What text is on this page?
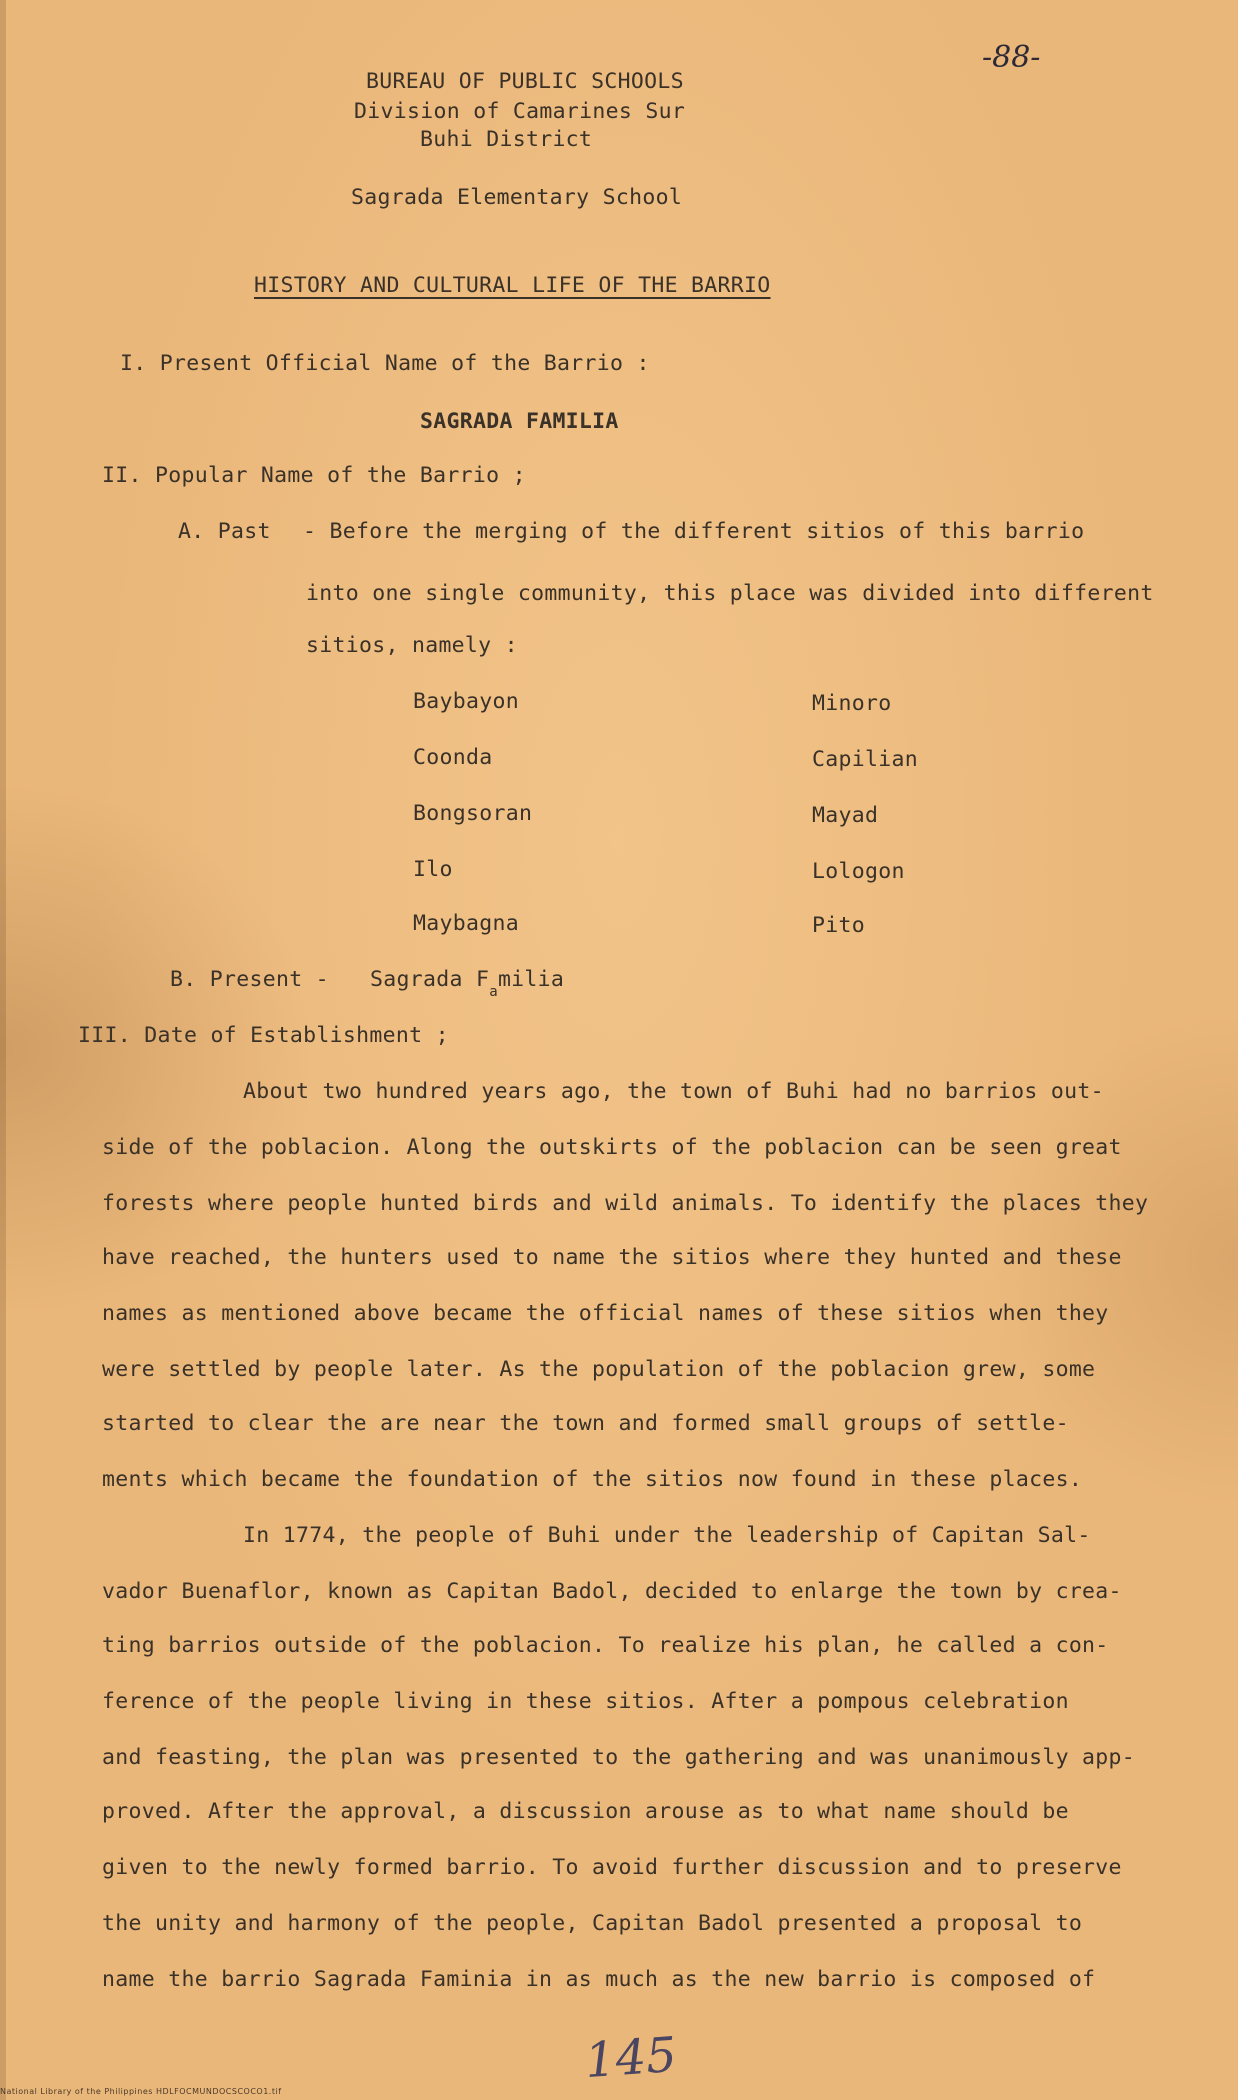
-88-
BUREAU OF PUBLIC SCHOOLS
Division of Camarines Sur
Buhi District
Sagrada Elementary School
HISTORY AND CULTURAL LIFE OF THE BARRIO
I. Present Official Name of the Barrio :
SAGRADA FAMILIA
II. Popular Name of the Barrio ;
A. Past - Before the merging of the different sitios of this barrio
into one single community, this place was divided into different
sitios, namely :
Baybayon
Coonda
Bongsoran
Ilo
Maybagna
Minoro
Capilian
Mayad
Lologon
Pito
B. Present - Sagrada $F_amilia$
III. Date of Establishment ;
About two hundred years ago, the town of Buhi had no barrios out-
side of the poblacion. Along the outskirts of the poblacion can be seen great
forests where people hunted birds and wild animals. To identify the places they
have reached, the hunters used to name the sitios where they hunted and these
names as mentioned above became the official names of these sitios when they
were settled by people later. As the population of the poblacion grew, some
started to clear the are near the town and formed small groups of settle-
ments which became the foundation of the sitios now found in these places.
In 1774, the people of Buhi under the leadership of Capitan Sal-
vador Buenaflor, known as Capitan Badol, decided to enlarge the town by crea-
ting barrios outside of the poblacion. To realize his plan, he called a con-
ference of the people living in these sitios. After a pompous celebration
and feasting, the plan was presented to the gathering and was unanimously app-
proved. After the approval, a discussion arouse as to what name should be
given to the newly formed barrio. To avoid further discussion and to preserve
the unity and harmony of the people, Capitan Badol presented a proposal to
name the barrio Sagrada Faminia in as much as the new barrio is composed of
145
National Library of the Philippines HDLFOCMUNDOCSCOCO1.tif
